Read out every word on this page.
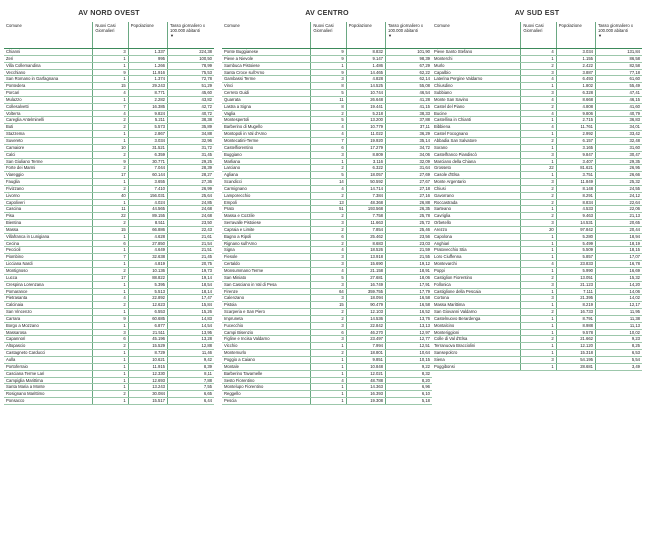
AV NORD OVEST
Comune	Nuovi Casi Giornalieri	Popolazione	Tasso giornaliero x 100.000 abitanti
▼

Chianni	3	1.337	224,38
Zeri	1	995	100,50
Villa Collemandina	1	1.266	78,99
Vecchiano	9	11.916	75,53
San Romano in Garfagnana	1	1.374	72,78
Pontedera	15	29.243	51,29
Porcari	4	8.771	45,60
Mulazzo	1	2.282	43,82
Collesalvetti	7	16.385	42,72
Volterra	4	9.824	40,72
Careglia Antelminelli	2	5.211	38,38
Buti	2	5.573	35,89
Stazzema	1	2.867	34,88
Suvereto	1	3.034	32,96
Camaiore	10	31.521	31,72
Calci	2	6.359	31,45
San Giuliano Terme	9	30.771	29,25
Forte dei Marmi	2	7.044	28,39
Viareggio	17	60.144	28,27
Fauglia	1	3.655	27,36
Fivizzano	2	7.410	26,99
Livorno	40	156.031	25,64
Capoliveri	1	4.024	24,85
Cascina	11	44.565	24,68
Pisa	22	89.155	24,68
Bientina	2	8.511	23,50
Massa	15	66.886	22,43
Villafranca in Lunigiana	1	4.628	21,61
Cecina	6	27.850	21,54
Peccioli	1	4.649	21,51
Piombino	7	32.638	21,45
Licciana Nardi	1	4.819	20,75
Montignoso	2	10.136	19,73
Lucca	17	88.822	19,14
Crespina Lorenzana	1	5.395	18,54
Pomarance	1	5.513	18,14
Pietrasanta	4	22.892	17,47
Calcinaia	2	12.623	15,84
San Vincenzo	1	6.553	15,26
Carrara	9	60.685	14,83
Borgo a Mozzano	1	6.877	14,54
Massarosa	3	21.511	13,95
Capannori	6	45.196	13,28
Altopascio	2	15.529	12,88
Castagneto Carducci	1	8.729	11,46
Aulla	1	10.621	9,42
Portoferraio	1	11.915	8,39
Casciana Terme Lari	1	12.330	8,11
Campiglia Marittima	1	12.693	7,88
Santa Maria a Monte	1	13.243	7,55
Rosignano Marittimo	2	30.084	6,65
Ponsacco	1	15.517	6,44
AV CENTRO
Comune	Nuovi Casi Giornalieri	Popolazione	Tasso giornaliero x 100.000 abitanti
▼

Ponte Buggianese	9	8.832	101,90
Pieve a Nievole	9	9.147	98,39
Sambuca Pistoiese	1	1.486	67,29
Santa Croce sull'Arno	9	14.465	62,22
Gambassi Terme	3	4.828	62,14
Vinci	8	14.525	55,08
Cerreto Guidi	5	10.744	46,54
Quarrata	11	26.648	41,28
Lastra a Signa	8	19.441	41,15
Vaglia	2	5.218	38,33
Montespertoli	5	13.200	37,88
Barberino di Mugello	4	10.779	37,11
Montopoli in Val d'Arno	4	11.022	36,29
Montecatini-Terme	7	19.920	35,14
Castelfiorentino	6	17.279	34,72
Buggiano	3	8.809	34,06
Marliana	1	3.116	32,09
Larciano	2	6.322	31,64
Agliana	5	18.057	27,69
Scandicci	14	50.592	27,67
Carmignano	4	14.714	27,18
Lamporecchio	2	7.384	27,16
Empoli	13	48.368	26,88
Prato	51	193.568	26,35
Massa e Cozzile	2	7.758	25,78
Serravalle Pistoiese	3	11.663	25,72
Capraia e Limite	2	7.854	25,46
Bagno a Ripoli	6	25.462	23,56
Rignano sull'Arno	2	8.683	23,03
Signa	4	18.526	21,59
Fiesole	3	13.918	21,55
Certaldo	3	15.690	19,12
Monsummano Terme	4	21.158	18,91
San Miniato	5	27.681	18,06
San Casciano in Val di Pesa	3	16.749	17,91
Firenze	64	359.755	17,79
Calenzano	3	18.094	16,58
Pistoia	15	90.479	16,58
Scarperia e San Piero	2	12.103	16,52
Impruneta	2	14.536	13,76
Fucecchio	3	22.842	13,13
Campi Bisenzio	6	46.270	12,97
Figline e Incisa Valdarno	3	23.497	12,77
Vicchio	1	7.994	12,51
Montemurlo	2	18.801	10,64
Poggio a Caiano	1	9.851	10,15
Montale	1	10.848	9,22
Barberino Tavarnelle	1	12.021	8,32
Sesto Fiorentino	4	48.788	8,20
Montelupo Fiorentino	1	14.363	6,96
Reggello	1	16.393	6,10
Pescia	1	19.308	5,18
AV SUD EST
Comune	Nuovi Casi Giornalieri	Popolazione	Tasso giornaliero x 100.000 abitanti
▼

Pieve Santo Stefano	4	3.034	131,84
Monterchi	1	1.155	86,58
Murlo	2	2.422	82,58
Capalbio	3	3.887	77,18
Laterina Pergine Valdarno	4	6.493	61,60
Chiusdino	1	1.802	55,49
Subbiano	3	6.328	47,41
Monte San Savino	4	8.668	46,15
Castel del Piano	2	4.808	41,60
Bucine	4	9.806	40,79
Castellina in Chianti	1	2.715	36,83
Bibbiena	4	11.761	34,01
Castel Focognano	1	2.992	33,42
Abbadia San Salvatore	2	6.157	32,48
Sorano	1	3.165	31,60
Castelfranco Piandiscò	3	9.847	30,47
Marciano della Chiana	1	3.407	29,35
Grosseto	22	81.621	26,95
Casole d'Elsa	1	3.751	26,66
Monte Argentario	3	11.849	25,32
Chiusi	2	8.148	24,55
Gavorrano	2	8.291	24,12
Roccastrada	2	8.834	22,64
Sarteano	1	4.533	22,06
Cavriglia	2	9.463	21,13
Orbetello	3	14.531	20,65
Arezzo	20	97.842	20,44
Capolona	1	5.280	18,94
Anghiari	1	5.499	18,19
Pratovecchio Stia	1	5.509	18,15
Loro Ciuffenna	1	5.857	17,07
Montevarchi	4	23.833	16,78
Poppi	1	5.990	16,69
Castiglion Fiorentino	2	13.051	15,32
Follonica	3	21.123	14,20
Castiglione della Pescaia	1	7.111	14,06
Cortona	3	21.395	14,02
Massa Marittima	1	8.219	12,17
San Giovanni Valdarno	2	16.733	11,95
Castelnuovo Berardenga	1	8.791	11,38
Montalcino	1	8.988	11,13
Monteriggioni	1	9.578	10,02
Colle di Val d'Elsa	2	21.662	9,23
Terranuova Bracciolini	1	12.120	8,25
Sansepolcro	1	15.318	6,53
Siena	3	54.195	5,54
Poggibonsi	1	28.681	3,49
